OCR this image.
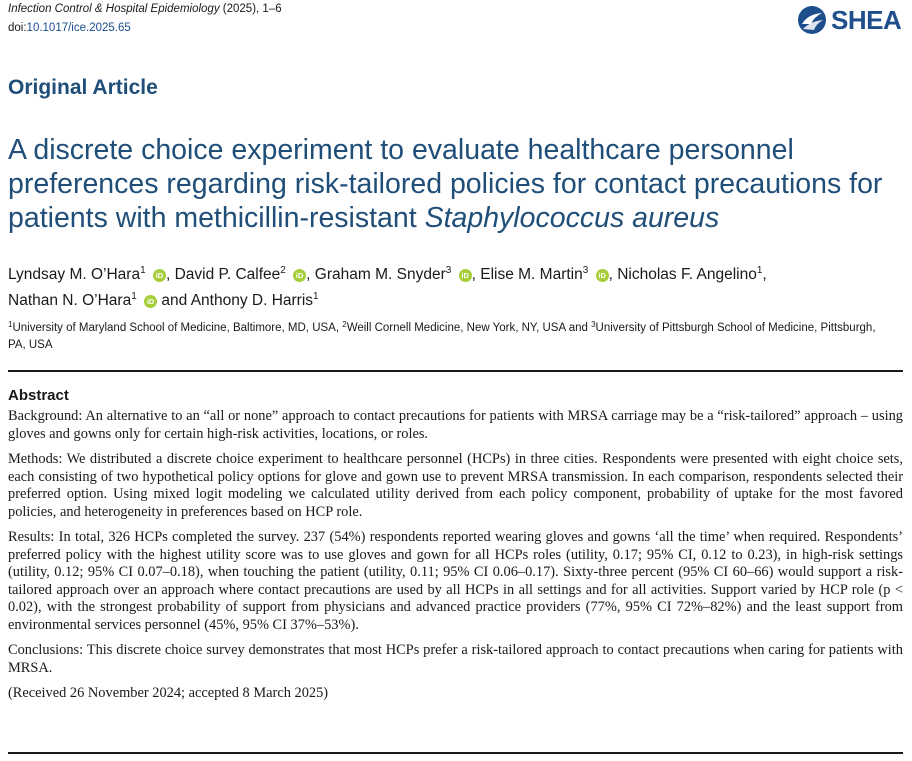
Infection Control & Hospital Epidemiology (2025), 1–6
doi:10.1017/ice.2025.65	SHEA
Original Article
A discrete choice experiment to evaluate healthcare personnel preferences regarding risk-tailored policies for contact precautions for patients with methicillin-resistant Staphylococcus aureus
Lyndsay M. O’Hara$^1$ iD , David P. Calfee$^2$ iD , Graham M. Snyder$^3$ iD , Elise M. Martin$^3$ iD , Nicholas F. Angelino$^1$,
Nathan N. O’Hara$^1$ iD and Anthony D. Harris$^1$
$^1$University of Maryland School of Medicine, Baltimore, MD, USA, $^2$Weill Cornell Medicine, New York, NY, USA and $^3$University of Pittsburgh School of Medicine, Pittsburgh, PA, USA
Abstract

Background: An alternative to an “all or none” approach to contact precautions for patients with MRSA carriage may be a “risk-tailored” approach – using gloves and gowns only for certain high-risk activities, locations, or roles.

Methods: We distributed a discrete choice experiment to healthcare personnel (HCPs) in three cities. Respondents were presented with eight choice sets, each consisting of two hypothetical policy options for glove and gown use to prevent MRSA transmission. In each comparison, respondents selected their preferred option. Using mixed logit modeling we calculated utility derived from each policy component, probability of uptake for the most favored policies, and heterogeneity in preferences based on HCP role.

Results: In total, 326 HCPs completed the survey. 237 (54%) respondents reported wearing gloves and gowns ‘all the time’ when required. Respondents’ preferred policy with the highest utility score was to use gloves and gown for all HCPs roles (utility, 0.17; 95% CI, 0.12 to 0.23), in high-risk settings (utility, 0.12; 95% CI 0.07–0.18), when touching the patient (utility, 0.11; 95% CI 0.06–0.17). Sixty-three percent (95% CI 60–66) would support a risk-tailored approach over an approach where contact precautions are used by all HCPs in all settings and for all activities. Support varied by HCP role (p < 0.02), with the strongest probability of support from physicians and advanced practice providers (77%, 95% CI 72%–82%) and the least support from environmental services personnel (45%, 95% CI 37%–53%).

Conclusions: This discrete choice survey demonstrates that most HCPs prefer a risk-tailored approach to contact precautions when caring for patients with MRSA.

(Received 26 November 2024; accepted 8 March 2025)
